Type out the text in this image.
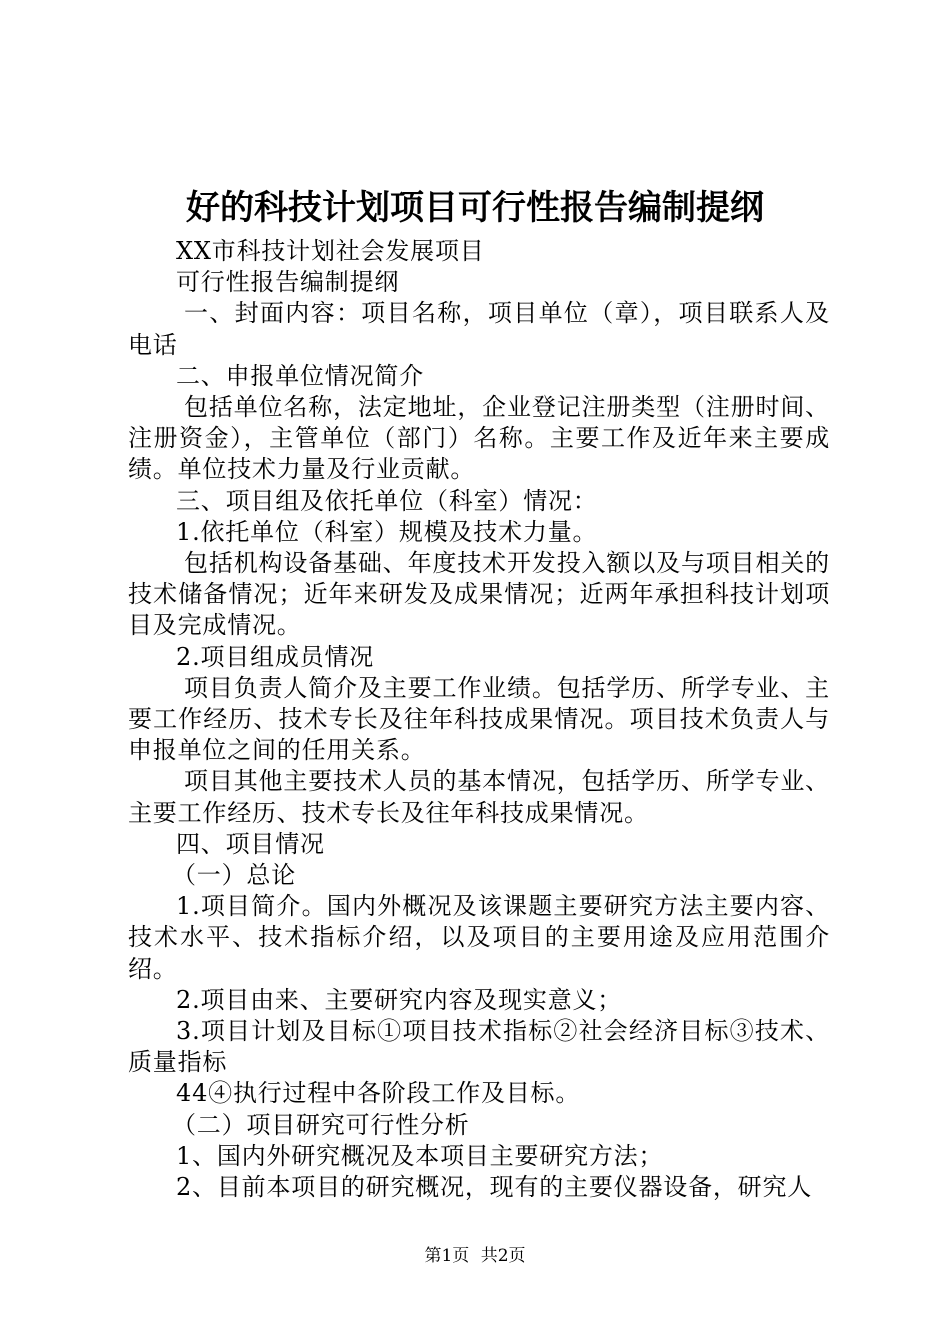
好的科技计划项目可行性报告编制提纲

XX市科技计划社会发展项目

可行性报告编制提纲

一、封面内容：项目名称，项目单位（章），项目联系人及电话

二、申报单位情况简介

包括单位名称，法定地址，企业登记注册类型（注册时间、注册资金），主管单位（部门）名称。主要工作及近年来主要成绩。单位技术力量及行业贡献。

三、项目组及依托单位（科室）情况：

1.依托单位（科室）规模及技术力量。

包括机构设备基础、年度技术开发投入额以及与项目相关的技术储备情况；近年来研发及成果情况；近两年承担科技计划项目及完成情况。

2.项目组成员情况

项目负责人简介及主要工作业绩。包括学历、所学专业、主要工作经历、技术专长及往年科技成果情况。项目技术负责人与申报单位之间的任用关系。

项目其他主要技术人员的基本情况，包括学历、所学专业、主要工作经历、技术专长及往年科技成果情况。

四、项目情况

（一）总论

1.项目简介。国内外概况及该课题主要研究方法主要内容、技术水平、技术指标介绍，以及项目的主要用途及应用范围介绍。

2.项目由来、主要研究内容及现实意义；

3.项目计划及目标①项目技术指标②社会经济目标③技术、质量指标

44④执行过程中各阶段工作及目标。

（二）项目研究可行性分析

1、国内外研究概况及本项目主要研究方法；

2、目前本项目的研究概况，现有的主要仪器设备，研究人

第1页 共2页
